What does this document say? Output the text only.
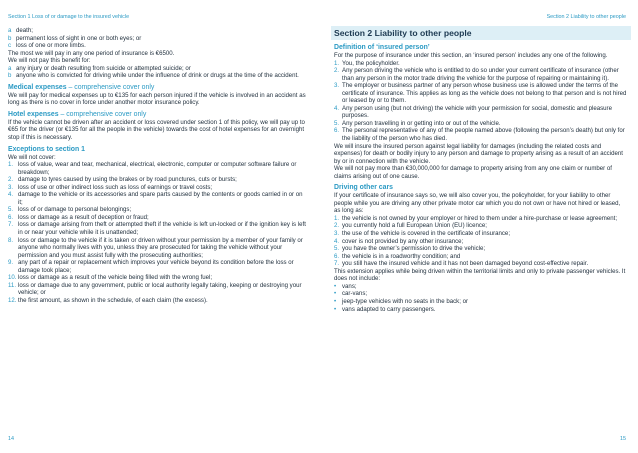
Section 1 Loss of or damage to the insured vehicle
a death;
b permanent loss of sight in one or both eyes; or
c loss of one or more limbs.
The most we will pay in any one period of insurance is €6500.
We will not pay this benefit for:
a any injury or death resulting from suicide or attempted suicide; or
b anyone who is convicted for driving while under the influence of drink or drugs at the time of the accident.
Medical expenses – comprehensive cover only
We will pay for medical expenses up to €135 for each person injured if the vehicle is involved in an accident as long as there is no cover in force under another motor insurance policy.
Hotel expenses – comprehensive cover only
If the vehicle cannot be driven after an accident or loss covered under section 1 of this policy, we will pay up to €65 for the driver (or €135 for all the people in the vehicle) towards the cost of hotel expenses for an overnight stop if this is necessary.
Exceptions to section 1
We will not cover:
1. loss of value, wear and tear, mechanical, electrical, electronic, computer or computer software failure or breakdown;
2. damage to tyres caused by using the brakes or by road punctures, cuts or bursts;
3. loss of use or other indirect loss such as loss of earnings or travel costs;
4. damage to the vehicle or its accessories and spare parts caused by the contents or goods carried in or on it;
5. loss of or damage to personal belongings;
6. loss or damage as a result of deception or fraud;
7. loss or damage arising from theft or attempted theft if the vehicle is left un-locked or if the ignition key is left in or near your vehicle while it is unattended;
8. loss or damage to the vehicle if it is taken or driven without your permission by a member of your family or anyone who normally lives with you, unless they are prosecuted for taking the vehicle without your permission and you must assist fully with the prosecuting authorities;
9. any part of a repair or replacement which improves your vehicle beyond its condition before the loss or damage took place;
10. loss or damage as a result of the vehicle being filled with the wrong fuel;
11. loss or damage due to any government, public or local authority legally taking, keeping or destroying your vehicle; or
12. the first amount, as shown in the schedule, of each claim (the excess).
14
Section 2 Liability to other people
Section 2 Liability to other people
Definition of ‘insured person’
For the purpose of insurance under this section, an ‘insured person’ includes any one of the following.
1. You, the policyholder.
2. Any person driving the vehicle who is entitled to do so under your current certificate of insurance (other than any person in the motor trade driving the vehicle for the purpose of repairing or maintaining it).
3. The employer or business partner of any person whose business use is allowed under the terms of the certificate of insurance. This applies as long as the vehicle does not belong to that person and is not hired or leased by or to them.
4. Any person using (but not driving) the vehicle with your permission for social, domestic and pleasure purposes.
5. Any person travelling in or getting into or out of the vehicle.
6. The personal representative of any of the people named above (following the person’s death) but only for the liability of the person who has died.
We will insure the insured person against legal liability for damages (including the related costs and expenses) for death or bodily injury to any person and damage to property arising as a result of an accident by or in connection with the vehicle.
We will not pay more than €30,000,000 for damage to property arising from any one claim or number of claims arising out of one cause.
Driving other cars
If your certificate of insurance says so, we will also cover you, the policyholder, for your liability to other people while you are driving any other private motor car which you do not own or have not hired or leased, as long as:
1. the vehicle is not owned by your employer or hired to them under a hire-purchase or lease agreement;
2. you currently hold a full European Union (EU) licence;
3. the use of the vehicle is covered in the certificate of insurance;
4. cover is not provided by any other insurance;
5. you have the owner’s permission to drive the vehicle;
6. the vehicle is in a roadworthy condition; and
7. you still have the insured vehicle and it has not been damaged beyond cost-effective repair.
This extension applies while being driven within the territorial limits and only to private passenger vehicles. It does not include:
• vans;
• car-vans;
• jeep-type vehicles with no seats in the back; or
• vans adapted to carry passengers.
15
